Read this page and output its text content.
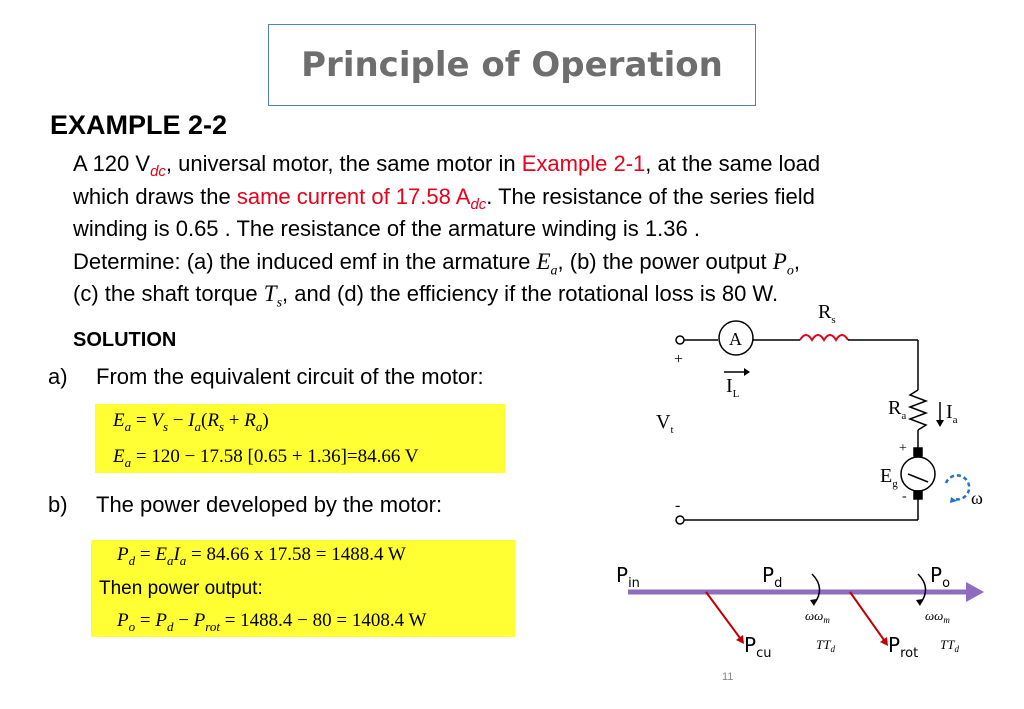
Principle of Operation
EXAMPLE 2-2
A 120 $V_{dc}$, universal motor, the same motor in Example 2-1, at the same load
which draws the same current of 17.58 $A_{dc}$. The resistance of the series field
winding is 0.65 . The resistance of the armature winding is 1.36 .
Determine: (a) the induced emf in the armature $E_a$, (b) the power output $P_o$,
(c) the shaft torque $T_s$, and (d) the efficiency if the rotational loss is 80 W.
SOLUTION
a) From the equivalent circuit of the motor:
$E_a = V_s - I_a(R_s + R_a)$
$E_a = 120 - 17.58$ [0.65 + 1.36]=84.66 V
b) The power developed by the motor:
$P_d = E_aI_a = 84.66$ x 17.58 = 1488.4 W
Then power output:
$P_o = P_d - P_{rot} = 1488.4 - 80 = 1408.4$ W
A
$R_s$
$I_L$
$V_t$
$R_a$ $I_a$
$E_g$
ω
+
-
+
-
$P_{in}$	$P_d$	$P_o$
$P_{cu}$	$P_{rot}$
$\omega\omega_m$
$TT_d$
$\omega\omega_m$
$TT_d$
11
